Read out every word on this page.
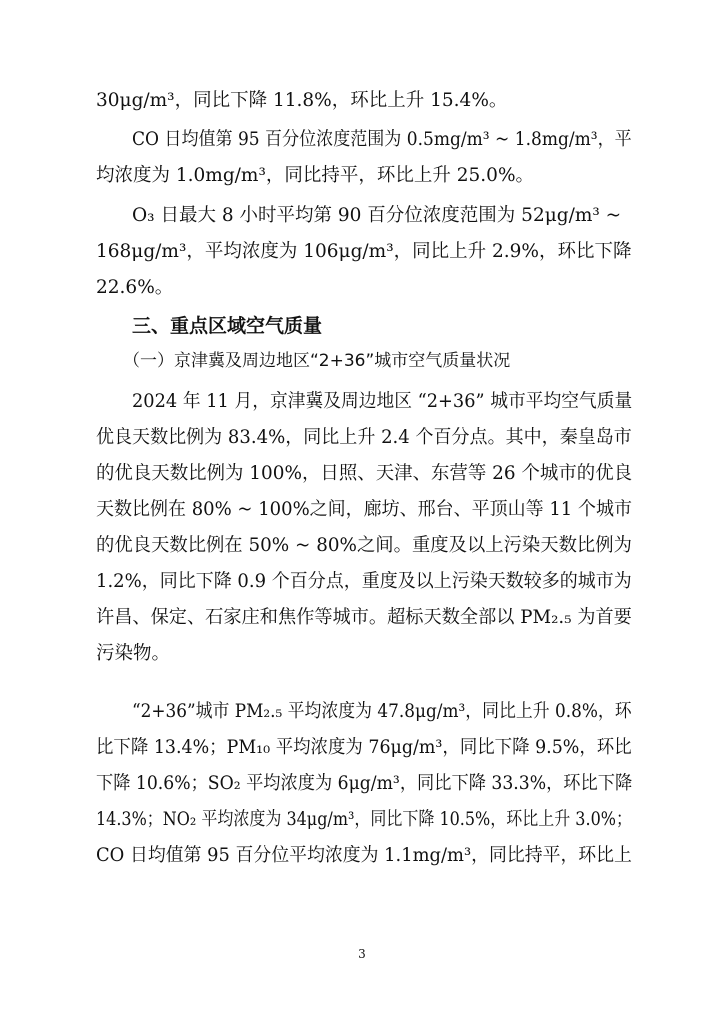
30μg/m³，同比下降 11.8%，环比上升 15.4%。
CO 日均值第 95 百分位浓度范围为 0.5mg/m³ ~ 1.8mg/m³，平
均浓度为 1.0mg/m³，同比持平，环比上升 25.0%。
O₃ 日最大 8 小时平均第 90 百分位浓度范围为 52μg/m³ ~
168μg/m³，平均浓度为 106μg/m³，同比上升 2.9%，环比下降
22.6%。
三、重点区域空气质量
（一）京津冀及周边地区“2+36”城市空气质量状况
2024 年 11 月，京津冀及周边地区 “2+36” 城市平均空气质量
优良天数比例为 83.4%，同比上升 2.4 个百分点。其中，秦皇岛市
的优良天数比例为 100%，日照、天津、东营等 26 个城市的优良
天数比例在 80% ~ 100%之间，廊坊、邢台、平顶山等 11 个城市
的优良天数比例在 50% ~ 80%之间。重度及以上污染天数比例为
1.2%，同比下降 0.9 个百分点，重度及以上污染天数较多的城市为
许昌、保定、石家庄和焦作等城市。超标天数全部以 PM₂.₅ 为首要
污染物。
“2+36”城市 PM₂.₅ 平均浓度为 47.8μg/m³，同比上升 0.8%，环
比下降 13.4%；PM₁₀ 平均浓度为 76μg/m³，同比下降 9.5%，环比
下降 10.6%；SO₂ 平均浓度为 6μg/m³，同比下降 33.3%，环比下降
14.3%；NO₂ 平均浓度为 34μg/m³，同比下降 10.5%，环比上升 3.0%；
CO 日均值第 95 百分位平均浓度为 1.1mg/m³，同比持平，环比上
3
